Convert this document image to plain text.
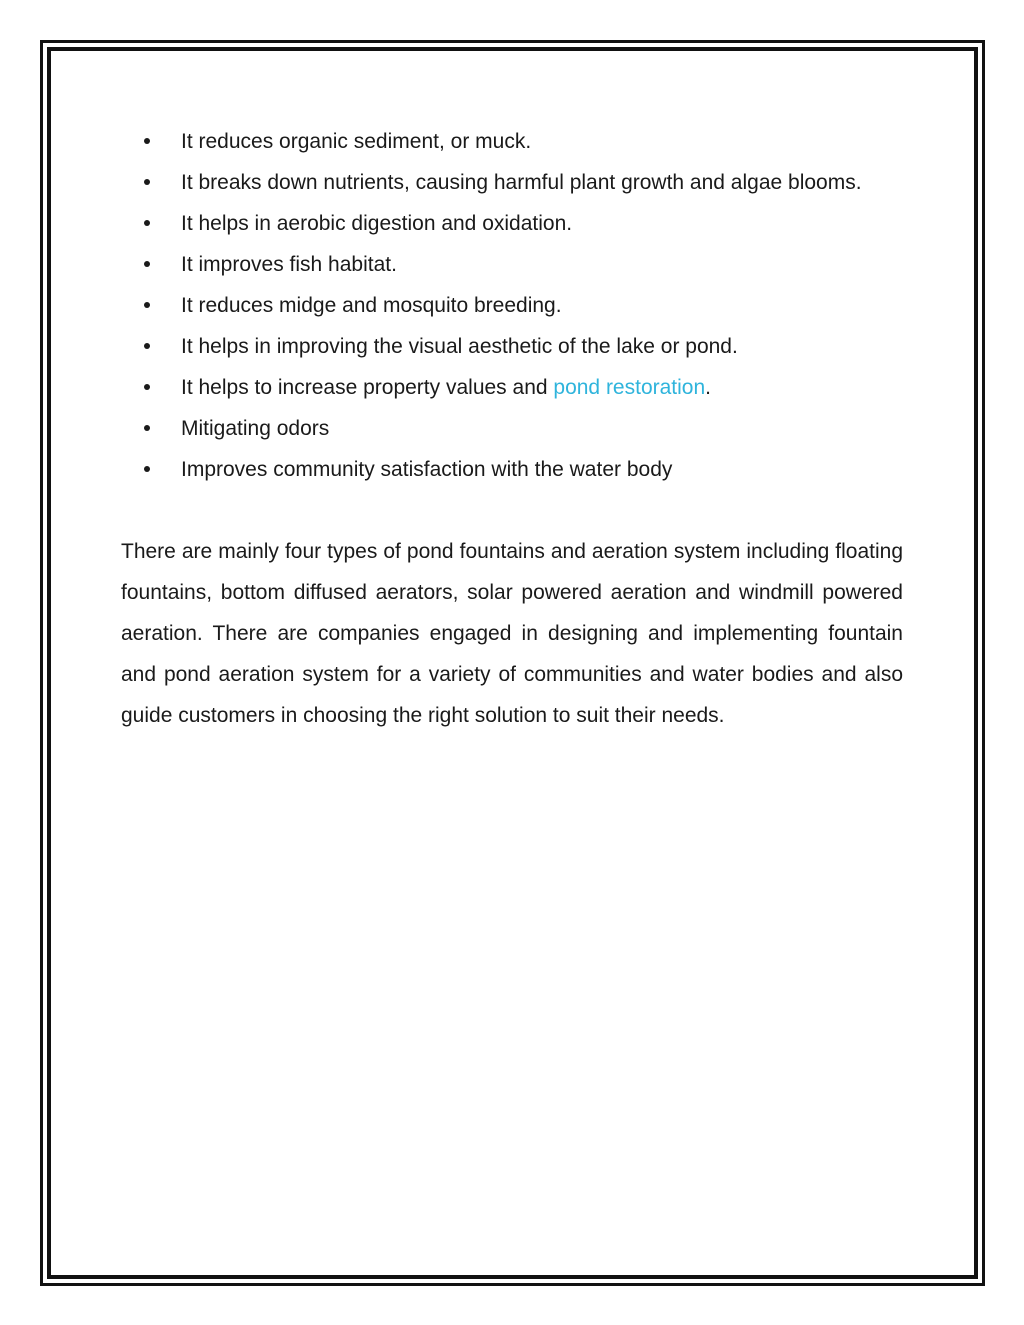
It reduces organic sediment, or muck.
It breaks down nutrients, causing harmful plant growth and algae blooms.
It helps in aerobic digestion and oxidation.
It improves fish habitat.
It reduces midge and mosquito breeding.
It helps in improving the visual aesthetic of the lake or pond.
It helps to increase property values and pond restoration.
Mitigating odors
Improves community satisfaction with the water body

There are mainly four types of pond fountains and aeration system including floating fountains, bottom diffused aerators, solar powered aeration and windmill powered aeration. There are companies engaged in designing and implementing fountain and pond aeration system for a variety of communities and water bodies and also guide customers in choosing the right solution to suit their needs.
